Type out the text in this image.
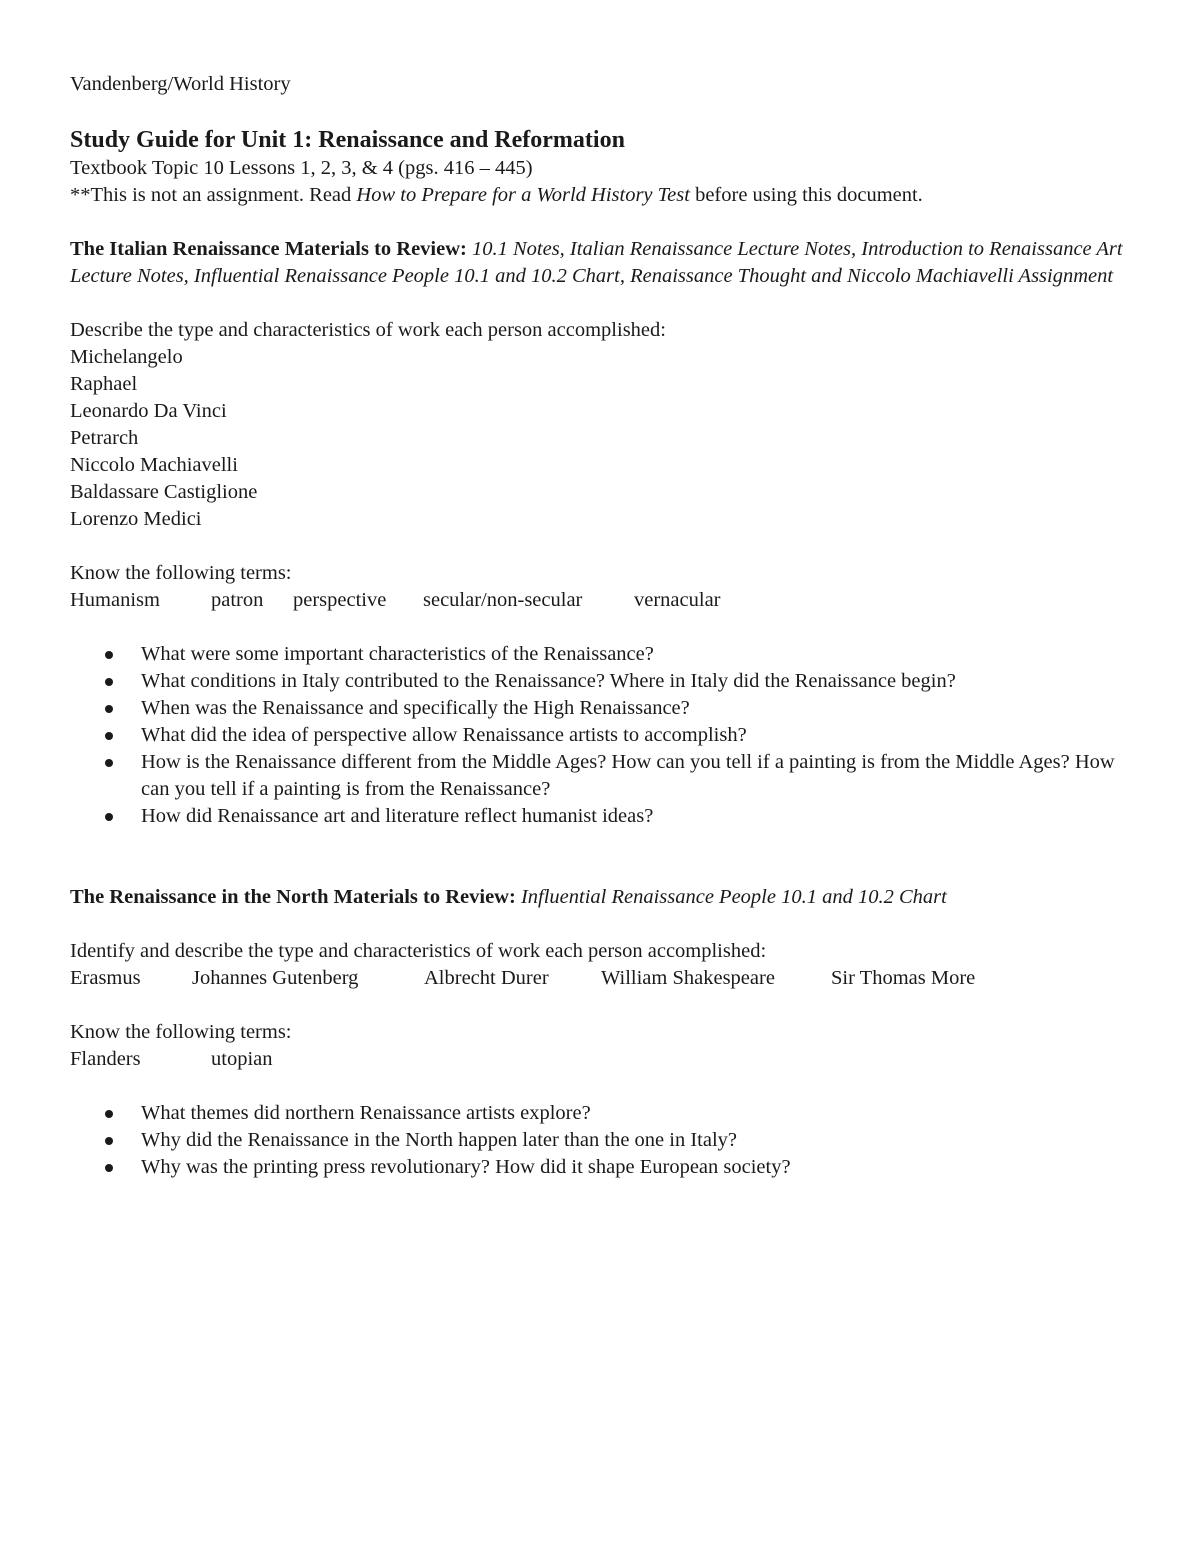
Vandenberg/World History

Study Guide for Unit 1: Renaissance and Reformation

Textbook Topic 10 Lessons 1, 2, 3, & 4 (pgs. 416 – 445)

**This is not an assignment. Read How to Prepare for a World History Test before using this document.

The Italian Renaissance Materials to Review: 10.1 Notes, Italian Renaissance Lecture Notes, Introduction to Renaissance Art Lecture Notes, Influential Renaissance People 10.1 and 10.2 Chart, Renaissance Thought and Niccolo Machiavelli Assignment

Describe the type and characteristics of work each person accomplished:

Michelangelo

Raphael

Leonardo Da Vinci

Petrarch

Niccolo Machiavelli

Baldassare Castiglione

Lorenzo Medici

Know the following terms:

Humanism patron perspective secular/non-secular	vernacular

What were some important characteristics of the Renaissance?
What conditions in Italy contributed to the Renaissance? Where in Italy did the Renaissance begin?
When was the Renaissance and specifically the High Renaissance?
What did the idea of perspective allow Renaissance artists to accomplish?
How is the Renaissance different from the Middle Ages? How can you tell if a painting is from the Middle Ages? How can you tell if a painting is from the Renaissance?
How did Renaissance art and literature reflect humanist ideas?

The Renaissance in the North Materials to Review: Influential Renaissance People 10.1 and 10.2 Chart

Identify and describe the type and characteristics of work each person accomplished:

Erasmus	Johannes Gutenberg	Albrecht Durer	William Shakespeare	Sir Thomas More

Know the following terms:

Flanders	utopian

What themes did northern Renaissance artists explore?
Why did the Renaissance in the North happen later than the one in Italy?
Why was the printing press revolutionary? How did it shape European society?
